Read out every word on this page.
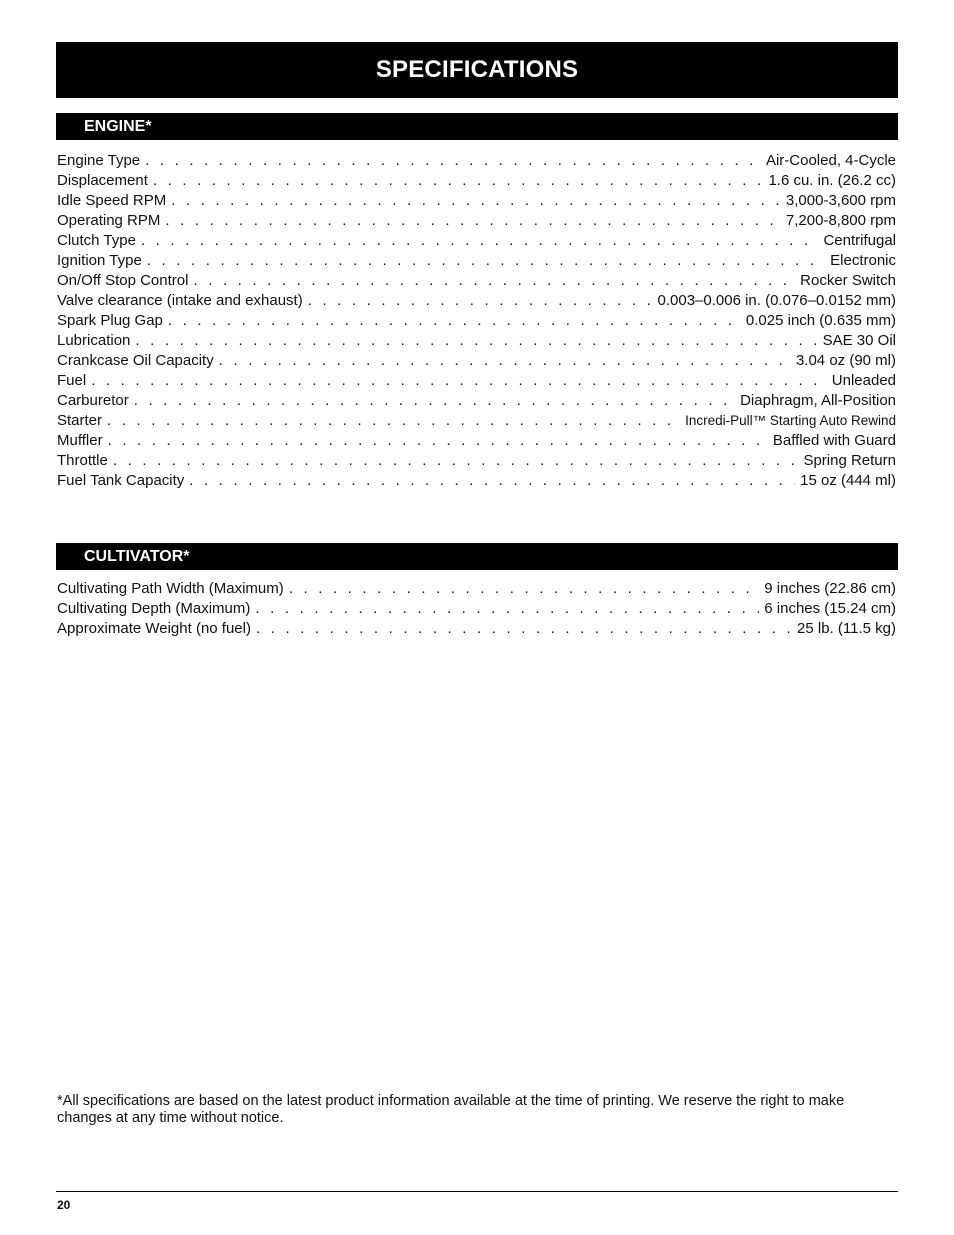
SPECIFICATIONS
ENGINE*
Engine Type . . .	Air-Cooled, 4-Cycle
Displacement . . .	1.6 cu. in. (26.2 cc)
Idle Speed RPM . . .	3,000-3,600 rpm
Operating RPM . . .	7,200-8,800 rpm
Clutch Type . . .	Centrifugal
Ignition Type . . .	Electronic
On/Off Stop Control . . .	Rocker Switch
Valve clearance (intake and exhaust) . . .	0.003–0.006 in. (0.076–0.0152 mm)
Spark Plug Gap . . .	0.025 inch (0.635 mm)
Lubrication . . .	SAE 30 Oil
Crankcase Oil Capacity . . .	3.04 oz (90 ml)
Fuel . . .	Unleaded
Carburetor . . .	Diaphragm, All-Position
Starter . . .	Incredi-Pull™ Starting Auto Rewind
Muffler . . .	Baffled with Guard
Throttle . . .	Spring Return
Fuel Tank Capacity . . .	15 oz (444 ml)
CULTIVATOR*
Cultivating Path Width (Maximum) . . .	9 inches (22.86 cm)
Cultivating Depth (Maximum) . . .	6 inches (15.24 cm)
Approximate Weight (no fuel) . . .	25 lb. (11.5 kg)
*All specifications are based on the latest product information available at the time of printing. We reserve the right to make changes at any time without notice.
20
